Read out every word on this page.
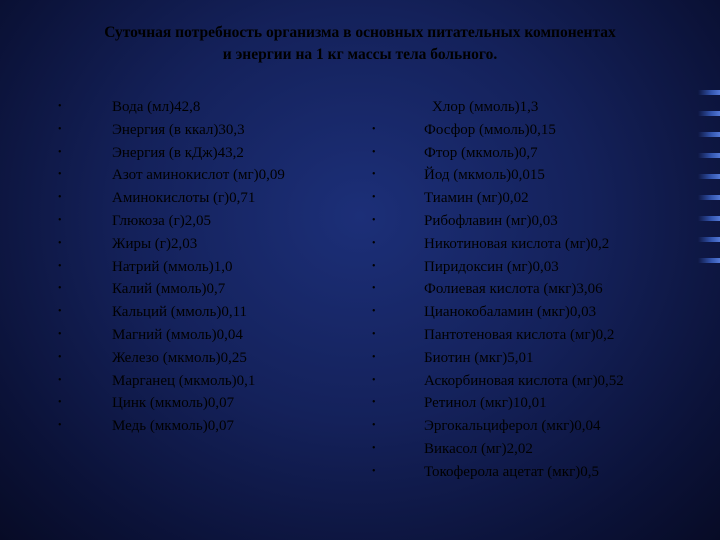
Суточная потребность организма в основных питательных компонентах
и энергии на 1 кг массы тела больного.
•	Вода (мл)42,8
•	Энергия (в ккал)30,3
•	Энергия (в кДж)43,2
•	Азот аминокислот (мг)0,09
•	Аминокислоты (г)0,71
•	Глюкоза (г)2,05
•	Жиры (г)2,03
•	Натрий (ммоль)1,0
•	Калий (ммоль)0,7
•	Кальций (ммоль)0,11
•	Магний (ммоль)0,04
•	Железо (мкмоль)0,25
•	Марганец (мкмоль)0,1
•	Цинк (мкмоль)0,07
•	Медь (мкмоль)0,07
Хлор (ммоль)1,3
•	Фосфор (ммоль)0,15
•	Фтор (мкмоль)0,7
•	Йод (мкмоль)0,015
•	Тиамин (мг)0,02
•	Рибофлавин (мг)0,03
•	Никотиновая кислота (мг)0,2
•	Пиридоксин (мг)0,03
•	Фолиевая кислота (мкг)3,06
•	Цианокобаламин (мкг)0,03
•	Пантотеновая кислота (мг)0,2
•	Биотин (мкг)5,01
•	Аскорбиновая кислота (мг)0,52
•	Ретинол (мкг)10,01
•	Эргокальциферол (мкг)0,04
•	Викасол (мг)2,02
•	Токоферола ацетат (мкг)0,5
